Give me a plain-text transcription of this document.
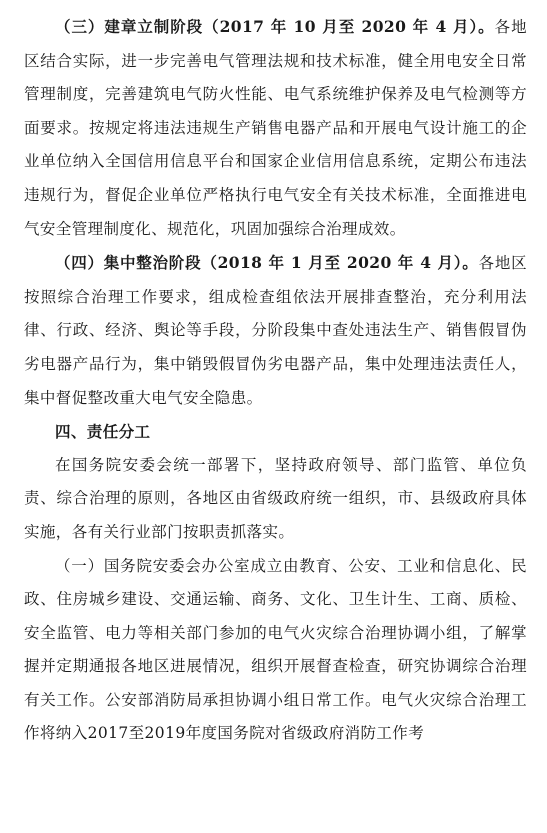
（三）建章立制阶段（2017 年 10 月至 2020 年 4 月）。各地区结合实际，进一步完善电气管理法规和技术标准，健全用电安全日常管理制度，完善建筑电气防火性能、电气系统维护保养及电气检测等方面要求。按规定将违法违规生产销售电器产品和开展电气设计施工的企业单位纳入全国信用信息平台和国家企业信用信息系统，定期公布违法违规行为，督促企业单位严格执行电气安全有关技术标准，全面推进电气安全管理制度化、规范化，巩固加强综合治理成效。

（四）集中整治阶段（2018 年 1 月至 2020 年 4 月）。各地区按照综合治理工作要求，组成检查组依法开展排查整治，充分利用法律、行政、经济、舆论等手段，分阶段集中查处违法生产、销售假冒伪劣电器产品行为，集中销毁假冒伪劣电器产品，集中处理违法责任人，集中督促整改重大电气安全隐患。

四、责任分工

在国务院安委会统一部署下，坚持政府领导、部门监管、单位负责、综合治理的原则，各地区由省级政府统一组织，市、县级政府具体实施，各有关行业部门按职责抓落实。

（一）国务院安委会办公室成立由教育、公安、工业和信息化、民政、住房城乡建设、交通运输、商务、文化、卫生计生、工商、质检、安全监管、电力等相关部门参加的电气火灾综合治理协调小组，了解掌握并定期通报各地区进展情况，组织开展督查检查，研究协调综合治理有关工作。公安部消防局承担协调小组日常工作。电气火灾综合治理工作将纳入2017至2019年度国务院对省级政府消防工作考
